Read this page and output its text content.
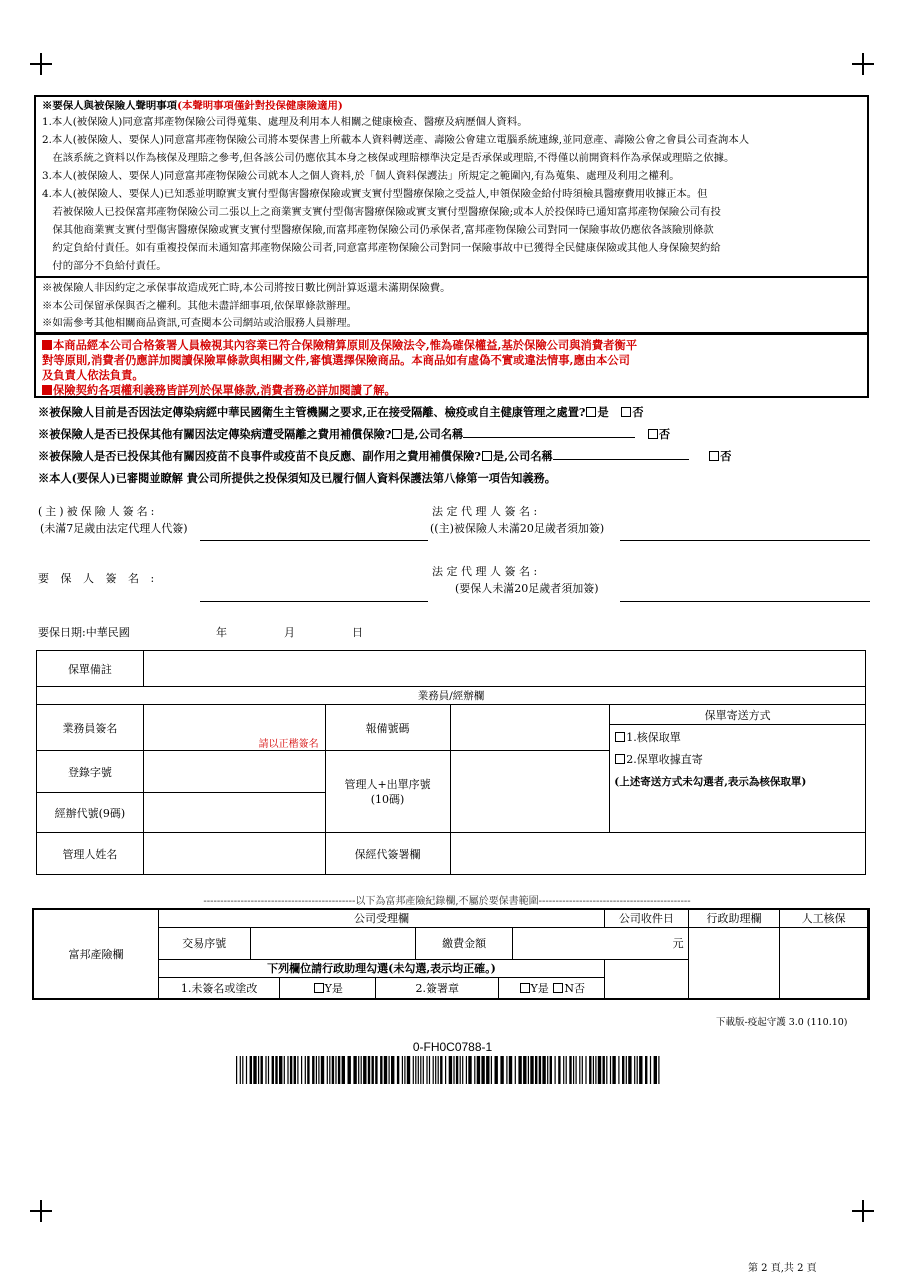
※要保人與被保險人聲明事項(本聲明事項僅針對投保健康險適用)
1.本人(被保險人)同意富邦產物保險公司得蒐集、處理及利用本人相關之健康檢查、醫療及病歷個人資料。
2.本人(被保險人、要保人)同意富邦產物保險公司將本要保書上所載本人資料轉送產、壽險公會建立電腦系統連線,並同意產、壽險公會之會員公司查詢本人
　在該系統之資料以作為核保及理賠之參考,但各該公司仍應依其本身之核保或理賠標準決定是否承保或理賠,不得僅以前開資料作為承保或理賠之依據。
3.本人(被保險人、要保人)同意富邦產物保險公司就本人之個人資料,於「個人資料保護法」所規定之範圍內,有為蒐集、處理及利用之權利。
4.本人(被保險人、要保人)已知悉並明瞭實支實付型傷害醫療保險或實支實付型醫療保險之受益人,申領保險金給付時須檢具醫療費用收據正本。但
　若被保險人已投保富邦產物保險公司二張以上之商業實支實付型傷害醫療保險或實支實付型醫療保險;或本人於投保時已通知富邦產物保險公司有投
　保其他商業實支實付型傷害醫療保險或實支實付型醫療保險,而富邦產物保險公司仍承保者,富邦產物保險公司對同一保險事故仍應依各該險別條款
　約定負給付責任。如有重複投保而未通知富邦產物保險公司者,同意富邦產物保險公司對同一保險事故中已獲得全民健康保險或其他人身保險契約給
　付的部分不負給付責任。
※被保險人非因約定之承保事故造成死亡時,本公司將按日數比例計算返還未滿期保險費。
※本公司保留承保與否之權利。其他未盡詳細事項,依保單條款辦理。
※如需參考其他相關商品資訊,可查閱本公司網站或洽服務人員辦理。
本商品經本公司合格簽署人員檢視其內容業已符合保險精算原則及保險法令,惟為確保權益,基於保險公司與消費者衡平
對等原則,消費者仍應詳加閱讀保險單條款與相關文件,審慎選擇保險商品。本商品如有虛偽不實或違法情事,應由本公司
及負責人依法負責。
保險契約各項權利義務皆詳列於保單條款,消費者務必詳加閱讀了解。
※被保險人目前是否因法定傳染病經中華民國衛生主管機關之要求,正在接受隔離、檢疫或自主健康管理之處置? 是 否
※被保險人是否已投保其他有關因法定傳染病遭受隔離之費用補償保險? 是,公司名稱	否
※被保險人是否已投保其他有關因疫苗不良事件或疫苗不良反應、副作用之費用補償保險? 是,公司名稱	否
※本人(要保人)已審閱並瞭解 貴公司所提供之投保須知及已履行個人資料保護法第八條第一項告知義務。
(主)被保險人簽名:
(未滿7足歲由法定代理人代簽)
法 定 代 理 人 簽 名 :
((主)被保險人未滿20足歲者須加簽)
要 保 人 簽 名 :
法 定 代 理 人 簽 名 :
(要保人未滿20足歲者須加簽)
要保日期:中華民國	年	月	日
保單備註				
業務員/經辦欄				
業務員簽名	請以正楷簽名	報備號碼		保單寄送方式

				1.核保取單
2.保單收據直寄
(上述寄送方式未勾選者,表示為核保取單)

登錄字號		管理人+出單序號
(10碼)		

經辦代號(9碼)				
管理人姓名		保經代簽署欄		
---------------------------------------------以下為富邦產險紀錄欄,不屬於要保書範圍---------------------------------------------
富邦產險欄	公司受理欄							公司收件日	行政助理欄	人工核保	
	交易序號				繳費金額		元				
	下列欄位請行政助理勾選(未勾選,表示均正確。)										
	1.未簽名或塗改		Y是	2.簽署章		Y是 N否					
下載版-疫起守護 3.0 (110.10)
0-FH0C0788-1
第 2 頁,共 2 頁
